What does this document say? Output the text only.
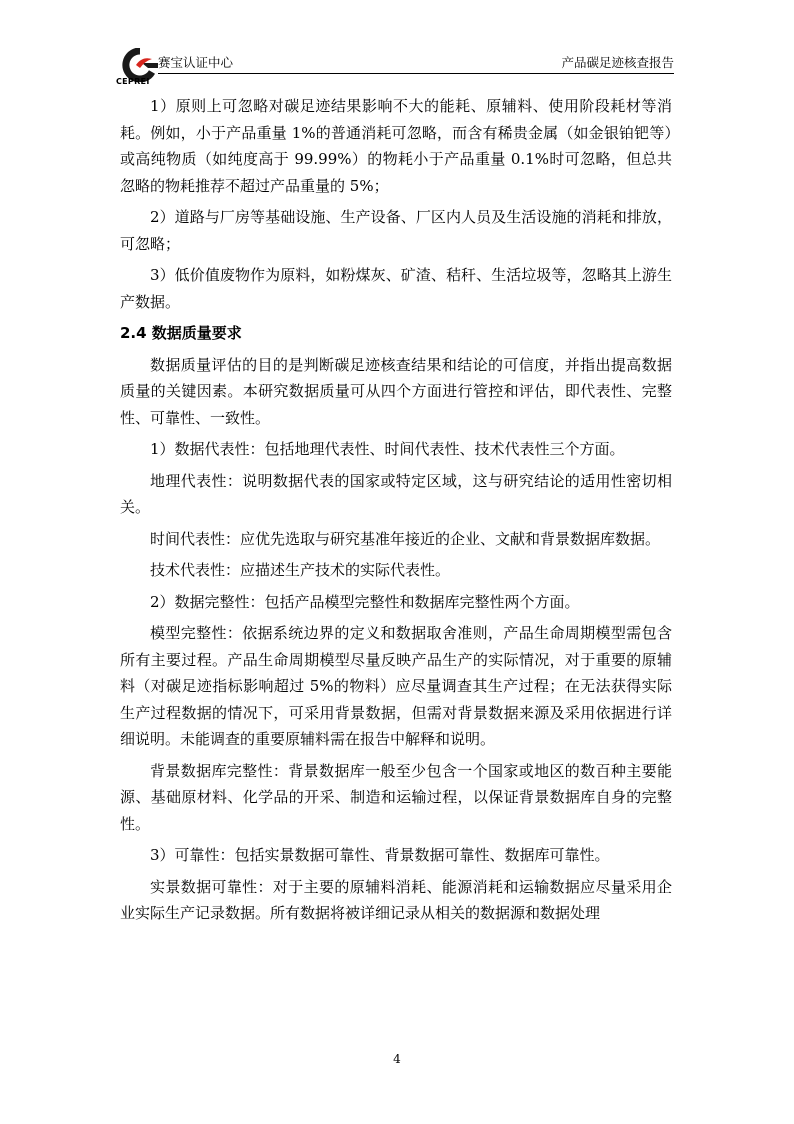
CEPREI
赛宝认证中心	产品碳足迹核查报告

1）原则上可忽略对碳足迹结果影响不大的能耗、原辅料、使用阶段耗材等消耗。例如，小于产品重量 1%的普通消耗可忽略，而含有稀贵金属（如金银铂钯等）或高纯物质（如纯度高于 99.99%）的物耗小于产品重量 0.1%时可忽略，但总共忽略的物耗推荐不超过产品重量的 5%；

2）道路与厂房等基础设施、生产设备、厂区内人员及生活设施的消耗和排放，可忽略；

3）低价值废物作为原料，如粉煤灰、矿渣、秸秆、生活垃圾等，忽略其上游生产数据。

2.4 数据质量要求

数据质量评估的目的是判断碳足迹核查结果和结论的可信度，并指出提高数据质量的关键因素。本研究数据质量可从四个方面进行管控和评估，即代表性、完整性、可靠性、一致性。

1）数据代表性：包括地理代表性、时间代表性、技术代表性三个方面。

地理代表性：说明数据代表的国家或特定区域，这与研究结论的适用性密切相关。

时间代表性：应优先选取与研究基准年接近的企业、文献和背景数据库数据。

技术代表性：应描述生产技术的实际代表性。

2）数据完整性：包括产品模型完整性和数据库完整性两个方面。

模型完整性：依据系统边界的定义和数据取舍准则，产品生命周期模型需包含所有主要过程。产品生命周期模型尽量反映产品生产的实际情况，对于重要的原辅料（对碳足迹指标影响超过 5%的物料）应尽量调查其生产过程；在无法获得实际生产过程数据的情况下，可采用背景数据，但需对背景数据来源及采用依据进行详细说明。未能调查的重要原辅料需在报告中解释和说明。

背景数据库完整性：背景数据库一般至少包含一个国家或地区的数百种主要能源、基础原材料、化学品的开采、制造和运输过程，以保证背景数据库自身的完整性。

3）可靠性：包括实景数据可靠性、背景数据可靠性、数据库可靠性。

实景数据可靠性：对于主要的原辅料消耗、能源消耗和运输数据应尽量采用企业实际生产记录数据。所有数据将被详细记录从相关的数据源和数据处理

4
